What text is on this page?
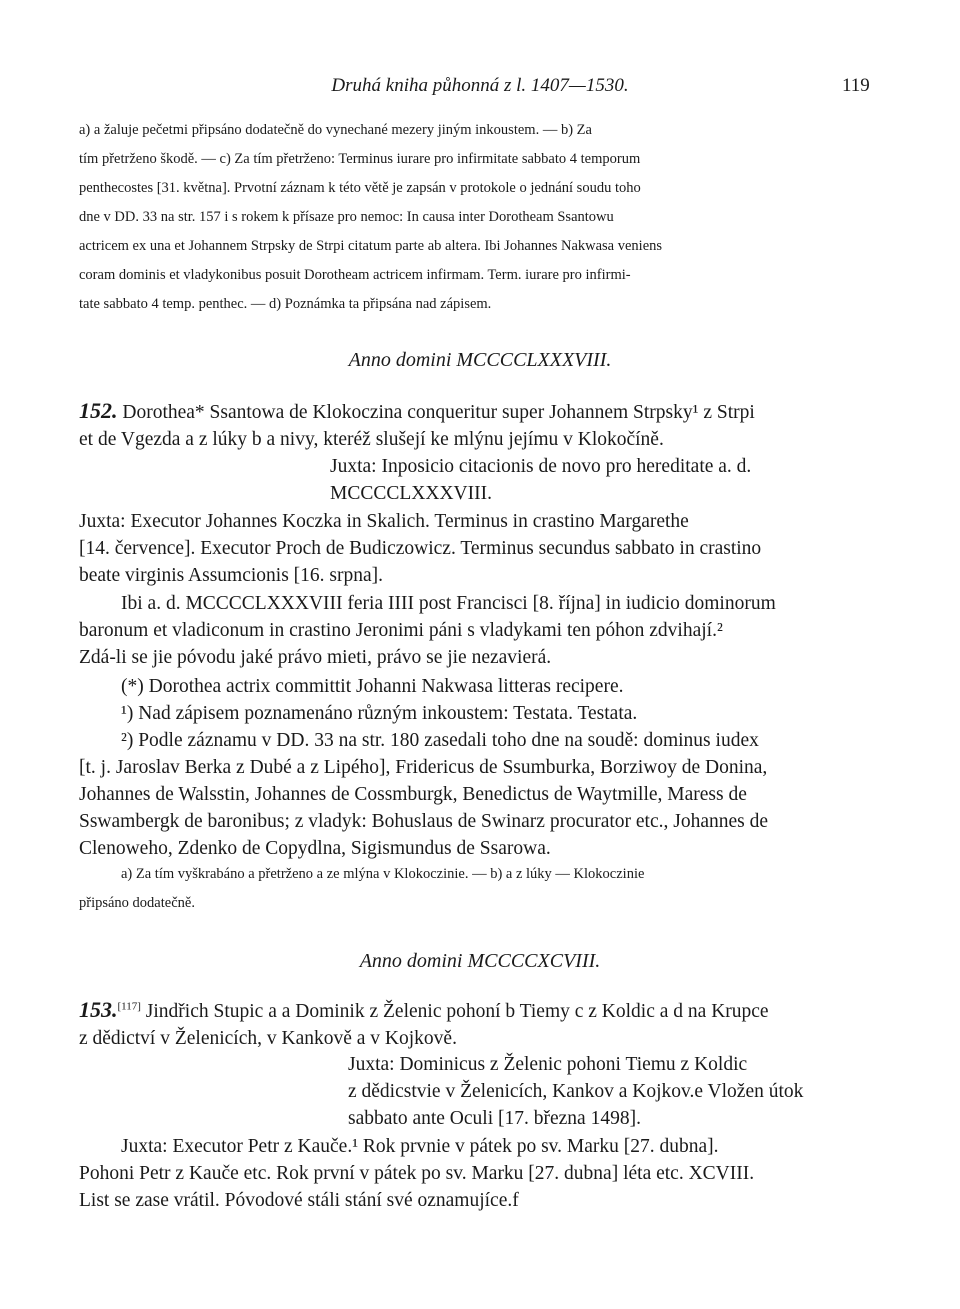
Druhá kniha půhonná z l. 1407—1530.	119
a) a žaluje pečetmi připsáno dodatečně do vynechané mezery jiným inkoustem. — b) Za
tím přetrženo škodě. — c) Za tím přetrženo: Terminus iurare pro infirmitate sabbato 4 temporum
penthecostes [31. května]. Prvotní záznam k této větě je zapsán v protokole o jednání soudu toho
dne v DD. 33 na str. 157 i s rokem k přísaze pro nemoc: In causa inter Dorotheam Ssantowu
actricem ex una et Johannem Strpsky de Strpi citatum parte ab altera. Ibi Johannes Nakwasa veniens
coram dominis et vladykonibus posuit Dorotheam actricem infirmam. Term. iurare pro infirmi-
tate sabbato 4 temp. penthec. — d) Poznámka ta připsána nad zápisem.
Anno domini MCCCCLXXXVIII.
152. Dorothea* Ssantowa de Klokoczina conqueritur super Johannem Strpsky¹ z Strpi
et de Vgezda a z lúky b a nivy, kteréž slušejí ke mlýnu jejímu v Klokočíně.
Juxta: Inposicio citacionis de novo pro hereditate a. d.
MCCCCLXXXVIII.
Juxta: Executor Johannes Koczka in Skalich. Terminus in crastino Margarethe
[14. července]. Executor Proch de Budiczowicz. Terminus secundus sabbato in crastino
beate virginis Assumcionis [16. srpna].
Ibi a. d. MCCCCLXXXVIII feria IIII post Francisci [8. října] in iudicio dominorum
baronum et vladiconum in crastino Jeronimi páni s vladykami ten póhon zdvihají.²
Zdá-li se jie póvodu jaké právo mieti, právo se jie nezavierá.
(*) Dorothea actrix committit Johanni Nakwasa litteras recipere.
¹) Nad zápisem poznamenáno různým inkoustem: Testata. Testata.
²) Podle záznamu v DD. 33 na str. 180 zasedali toho dne na soudě: dominus iudex
[t. j. Jaroslav Berka z Dubé a z Lipého], Fridericus de Ssumburka, Borziwoy de Donina,
Johannes de Walsstin, Johannes de Cossmburgk, Benedictus de Waytmille, Maress de
Sswambergk de baronibus; z vladyk: Bohuslaus de Swinarz procurator etc., Johannes de
Clenoweho, Zdenko de Copydlna, Sigismundus de Ssarowa.
a) Za tím vyškrabáno a přetrženo a ze mlýna v Klokoczinie. — b) a z lúky — Klokoczinie
připsáno dodatečně.
Anno domini MCCCCXCVIII.
153.[117] Jindřich Stupic a a Dominik z Želenic pohoní b Tiemy c z Koldic a d na Krupce
z dědictví v Želenicích, v Kankově a v Kojkově.
Juxta: Dominicus z Želenic pohoni Tiemu z Koldic
z dědicstvie v Želenicích, Kankov a Kojkov.e Vložen útok
sabbato ante Oculi [17. března 1498].
Juxta: Executor Petr z Kauče.¹ Rok prvnie v pátek po sv. Marku [27. dubna].
Pohoni Petr z Kauče etc. Rok první v pátek po sv. Marku [27. dubna] léta etc. XCVIII.
List se zase vrátil. Póvodové stáli stání své oznamujíce.f
